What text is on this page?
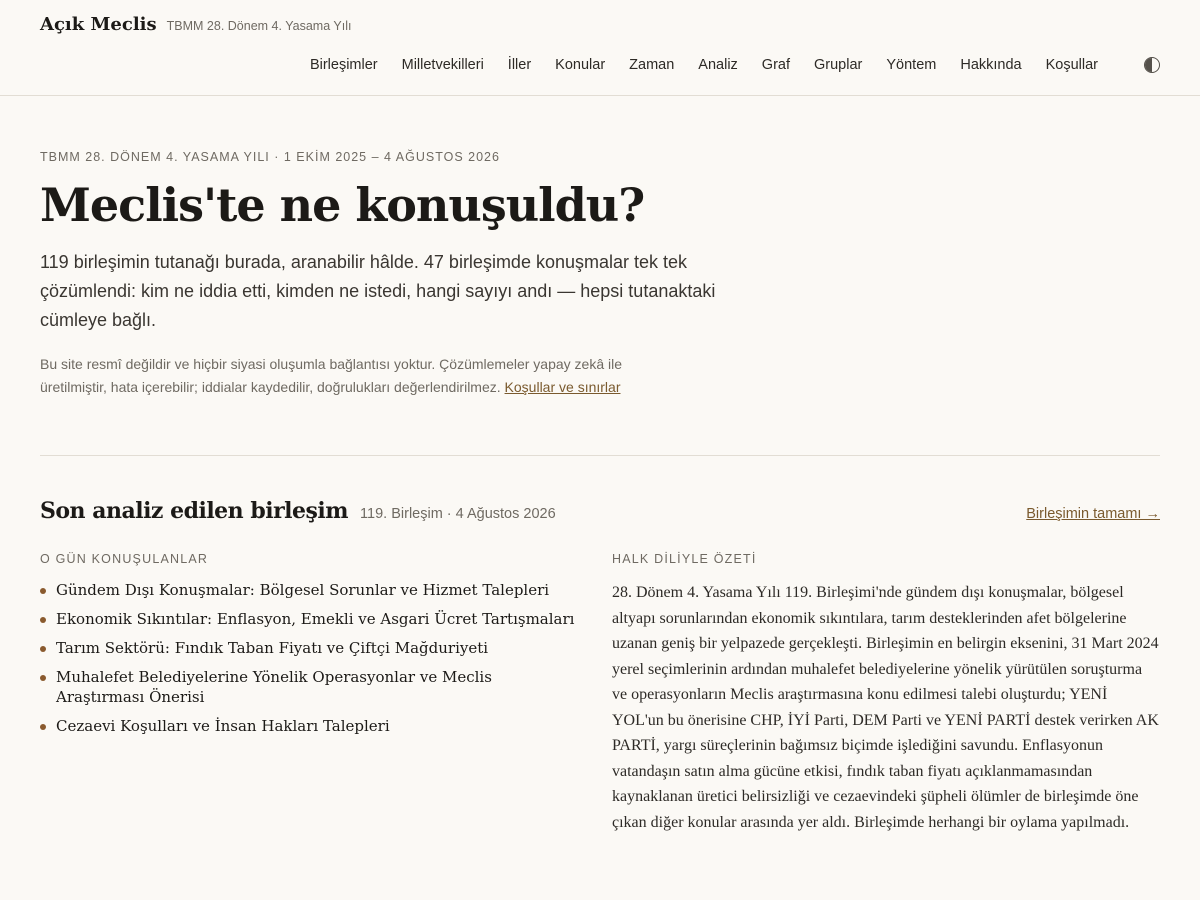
Açık Meclis TBMM 28. Dönem 4. Yasama Yılı
Birleşimler Milletvekilleri İller Konular Zaman Analiz Graf Gruplar Yöntem Hakkında Koşullar
TBMM 28. DÖNEM 4. YASAMA YILI · 1 EKİM 2025 – 4 AĞUSTOS 2026
Meclis'te ne konuşuldu?

119 birleşimin tutanağı burada, aranabilir hâlde. 47 birleşimde konuşmalar tek tek çözümlendi: kim ne iddia etti, kimden ne istedi, hangi sayıyı andı — hepsi tutanaktaki cümleye bağlı.

Bu site resmî değildir ve hiçbir siyasi oluşumla bağlantısı yoktur. Çözümlemeler yapay zekâ ile üretilmiştir, hata içerebilir; iddialar kaydedilir, doğrulukları değerlendirilmez. Koşullar ve sınırlar
Son analiz edilen birleşim 119. Birleşim · 4 Ağustos 2026	Birleşimin tamamı →
O GÜN KONUŞULANLAR
Gündem Dışı Konuşmalar: Bölgesel Sorunlar ve Hizmet Talepleri
Ekonomik Sıkıntılar: Enflasyon, Emekli ve Asgari Ücret Tartışmaları
Tarım Sektörü: Fındık Taban Fiyatı ve Çiftçi Mağduriyeti
Muhalefet Belediyelerine Yönelik Operasyonlar ve Meclis Araştırması Önerisi
Cezaevi Koşulları ve İnsan Hakları Talepleri
HALK DİLİYLE ÖZETİ

28. Dönem 4. Yasama Yılı 119. Birleşimi'nde gündem dışı konuşmalar, bölgesel altyapı sorunlarından ekonomik sıkıntılara, tarım desteklerinden afet bölgelerine uzanan geniş bir yelpazede gerçekleşti. Birleşimin en belirgin eksenini, 31 Mart 2024 yerel seçimlerinin ardından muhalefet belediyelerine yönelik yürütülen soruşturma ve operasyonların Meclis araştırmasına konu edilmesi talebi oluşturdu; YENİ YOL'un bu önerisine CHP, İYİ Parti, DEM Parti ve YENİ PARTİ destek verirken AK PARTİ, yargı süreçlerinin bağımsız biçimde işlediğini savundu. Enflasyonun vatandaşın satın alma gücüne etkisi, fındık taban fiyatı açıklanmamasından kaynaklanan üretici belirsizliği ve cezaevindeki şüpheli ölümler de birleşimde öne çıkan diğer konular arasında yer aldı. Birleşimde herhangi bir oylama yapılmadı.
